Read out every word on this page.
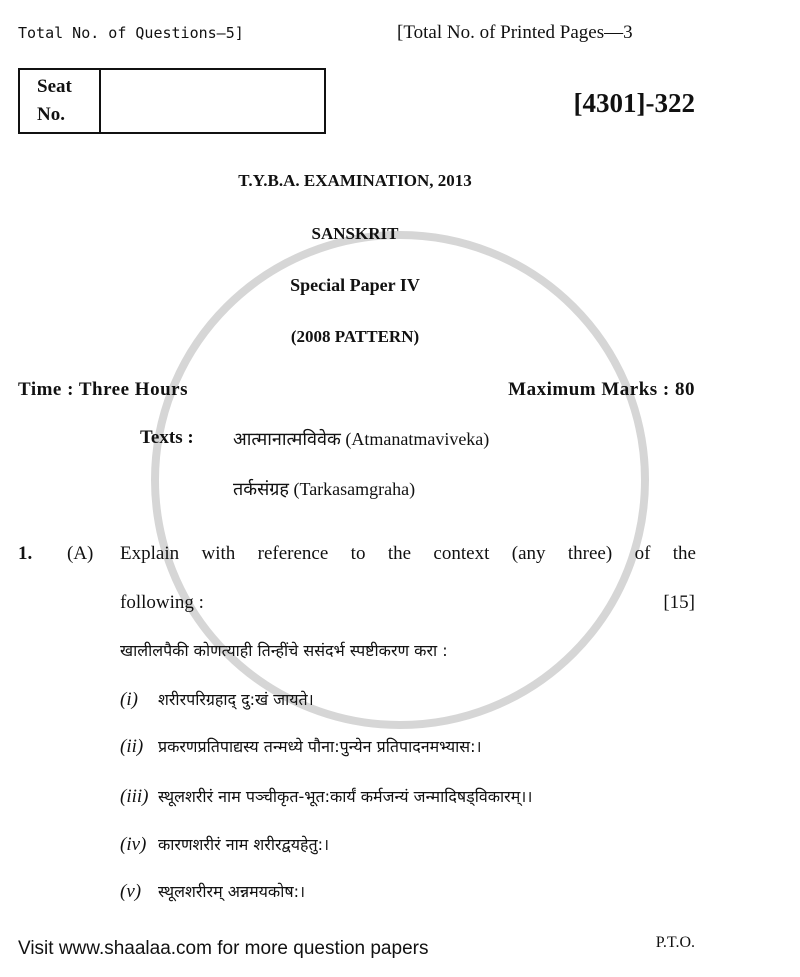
Total No. of Questions—5]	[Total No. of Printed Pages—3
Seat
No.	[4301]-322
T.Y.B.A. EXAMINATION, 2013
SANSKRIT
Special Paper IV
(2008 PATTERN)
Time : Three Hours	Maximum Marks : 80
Texts : आत्मानात्मविवेक (Atmanatmaviveka)
तर्कसंग्रह (Tarkasamgraha)
1. (A) Explain with reference to the context (any three) of the
following :	[15]
खालीलपैकी कोणत्याही तिन्हींचे ससंदर्भ स्पष्टीकरण करा :
(i) शरीरपरिग्रहाद् दु:खं जायते।
(ii) प्रकरणप्रतिपाद्यस्य तन्मध्ये पौना:पुन्येन प्रतिपादनमभ्यास:।
(iii) स्थूलशरीरं नाम पञ्चीकृत-भूत:कार्यं कर्मजन्यं जन्मादिषड्विकारम्।।
(iv) कारणशरीरं नाम शरीरद्वयहेतु:।
(v) स्थूलशरीरम् अन्नमयकोष:।
Visit www.shaalaa.com for more question papers	P.T.O.
